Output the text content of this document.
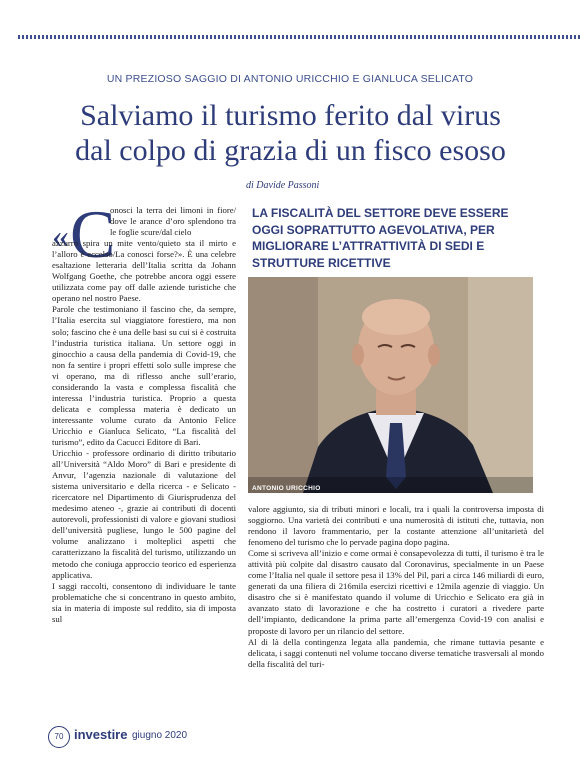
UN PREZIOSO SAGGIO DI ANTONIO URICCHIO E GIANLUCA SELICATO
Salviamo il turismo ferito dal virus
dal colpo di grazia di un fisco esoso
di Davide Passoni
« C

onosci la terra dei limoni in fiore/ dove le arance d’oro splendono tra le foglie scure/dal cielo

azzurro spira un mite vento/quieto sta il mirto e l’alloro è eccelso/La conosci forse?». È una celebre esaltazione letteraria dell’Italia scritta da Johann Wolfgang Goethe, che potrebbe ancora oggi essere utilizzata come pay off dalle aziende turistiche che operano nel nostro Paese.

Parole che testimoniano il fascino che, da sempre, l’Italia esercita sul viaggiatore forestiero, ma non solo; fascino che è una delle basi su cui si è costruita l’industria turistica italiana. Un settore oggi in ginocchio a causa della pandemia di Covid-19, che non fa sentire i propri effetti solo sulle imprese che vi operano, ma di riflesso anche sull’erario, considerando la vasta e complessa fiscalità che interessa l’industria turistica. Proprio a questa delicata e complessa materia è dedicato un interessante volume curato da Antonio Felice Uricchio e Gianluca Selicato, “La fiscalità del turismo”, edito da Cacucci Editore di Bari.

Uricchio - professore ordinario di diritto tributario all’Università “Aldo Moro” di Bari e presidente di Anvur, l’agenzia nazionale di valutazione del sistema universitario e della ricerca - e Selicato - ricercatore nel Dipartimento di Giurisprudenza del medesimo ateneo -, grazie ai contributi di docenti autorevoli, professionisti di valore e giovani studiosi dell’università pugliese, lungo le 500 pagine del volume analizzano i molteplici aspetti che caratterizzano la fiscalità del turismo, utilizzando un metodo che coniuga approccio teorico ed esperienza applicativa.

I saggi raccolti, consentono di individuare le tante problematiche che si concentrano in questo ambito, sia in materia di imposte sul reddito, sia di imposta sul

LA FISCALITÀ DEL SETTORE DEVE ESSERE OGGI SOPRATTUTTO AGEVOLATIVA, PER MIGLIORARE L’ATTRATTIVITÀ DI SEDI E STRUTTURE RICETTIVE
ANTONIO URICCHIO

valore aggiunto, sia di tributi minori e locali, tra i quali la controversa imposta di soggiorno. Una varietà dei contributi e una numerosità di istituti che, tuttavia, non rendono il lavoro frammentario, per la costante attenzione all’unitarietà del fenomeno del turismo che lo pervade pagina dopo pagina.

Come si scriveva all’inizio e come ormai è consapevolezza di tutti, il turismo è tra le attività più colpite dal disastro causato dal Coronavirus, specialmente in un Paese come l’Italia nel quale il settore pesa il 13% del Pil, pari a circa 146 miliardi di euro, generati da una filiera di 216mila esercizi ricettivi e 12mila agenzie di viaggio. Un disastro che si è manifestato quando il volume di Uricchio e Selicato era già in avanzato stato di lavorazione e che ha costretto i curatori a rivedere parte dell’impianto, dedicandone la prima parte all’emergenza Covid-19 con analisi e proposte di lavoro per un rilancio del settore.

Al di là della contingenza legata alla pandemia, che rimane tuttavia pesante e delicata, i saggi contenuti nel volume toccano diverse tematiche trasversali al mondo della fiscalità del turi-

70 investire giugno 2020
